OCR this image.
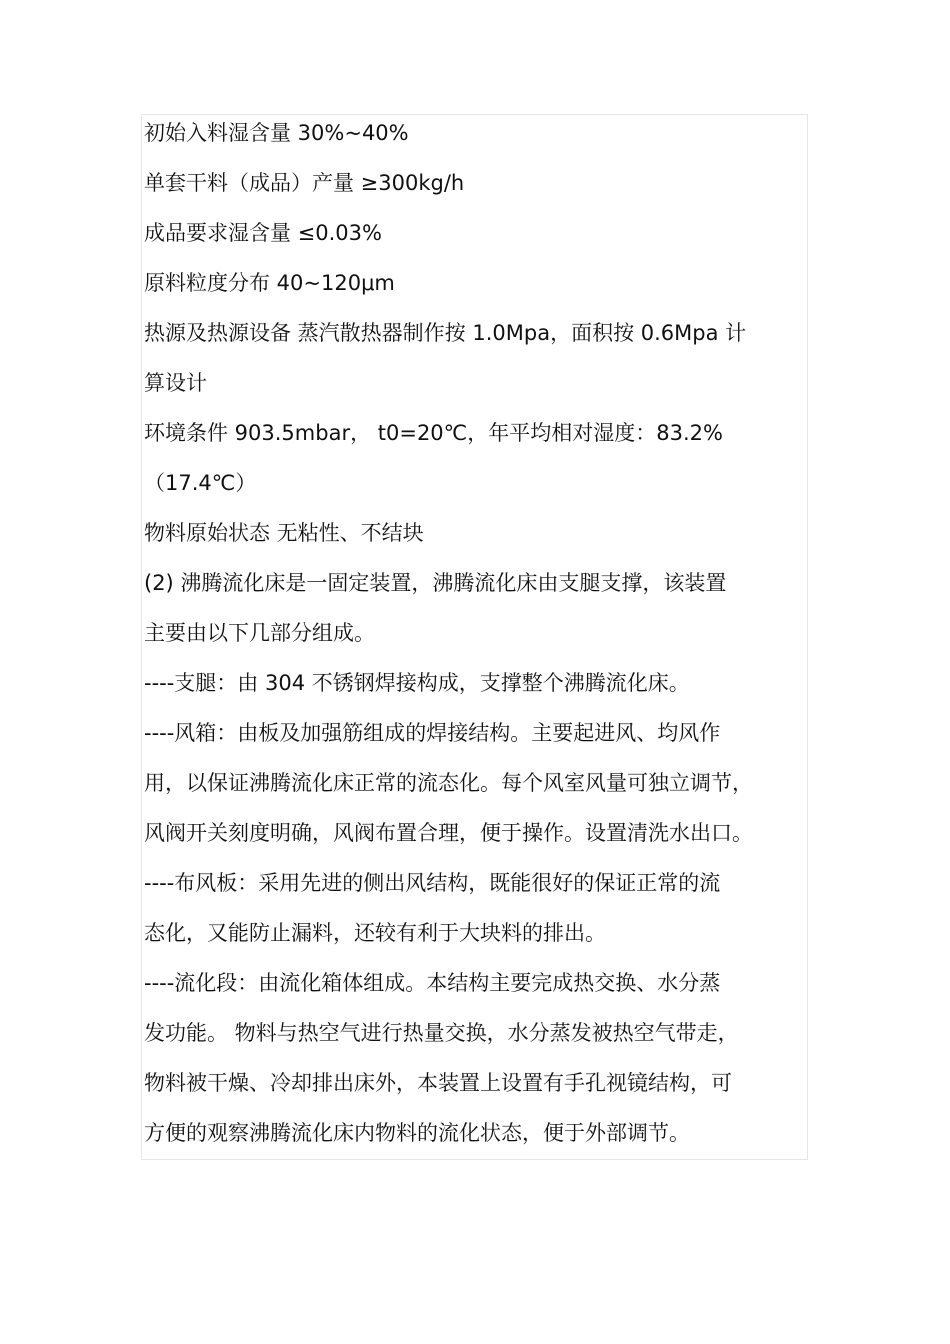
初始入料湿含量 30%~40%
单套干料（成品）产量 ≥300kg/h
成品要求湿含量 ≤0.03%
原料粒度分布 40~120μm
热源及热源设备 蒸汽散热器制作按 1.0Mpa，面积按 0.6Mpa 计
算设计
环境条件 903.5mbar， t0=20℃，年平均相对湿度：83.2%
（17.4℃）
物料原始状态 无粘性、不结块
(2) 沸腾流化床是一固定装置，沸腾流化床由支腿支撑，该装置
主要由以下几部分组成。
----支腿：由 304 不锈钢焊接构成，支撑整个沸腾流化床。
----风箱：由板及加强筋组成的焊接结构。主要起进风、均风作
用，以保证沸腾流化床正常的流态化。每个风室风量可独立调节，
风阀开关刻度明确，风阀布置合理，便于操作。设置清洗水出口。
----布风板：采用先进的侧出风结构，既能很好的保证正常的流
态化，又能防止漏料，还较有利于大块料的排出。
----流化段：由流化箱体组成。本结构主要完成热交换、水分蒸
发功能。 物料与热空气进行热量交换，水分蒸发被热空气带走，
物料被干燥、冷却排出床外，本装置上设置有手孔视镜结构，可
方便的观察沸腾流化床内物料的流化状态，便于外部调节。
